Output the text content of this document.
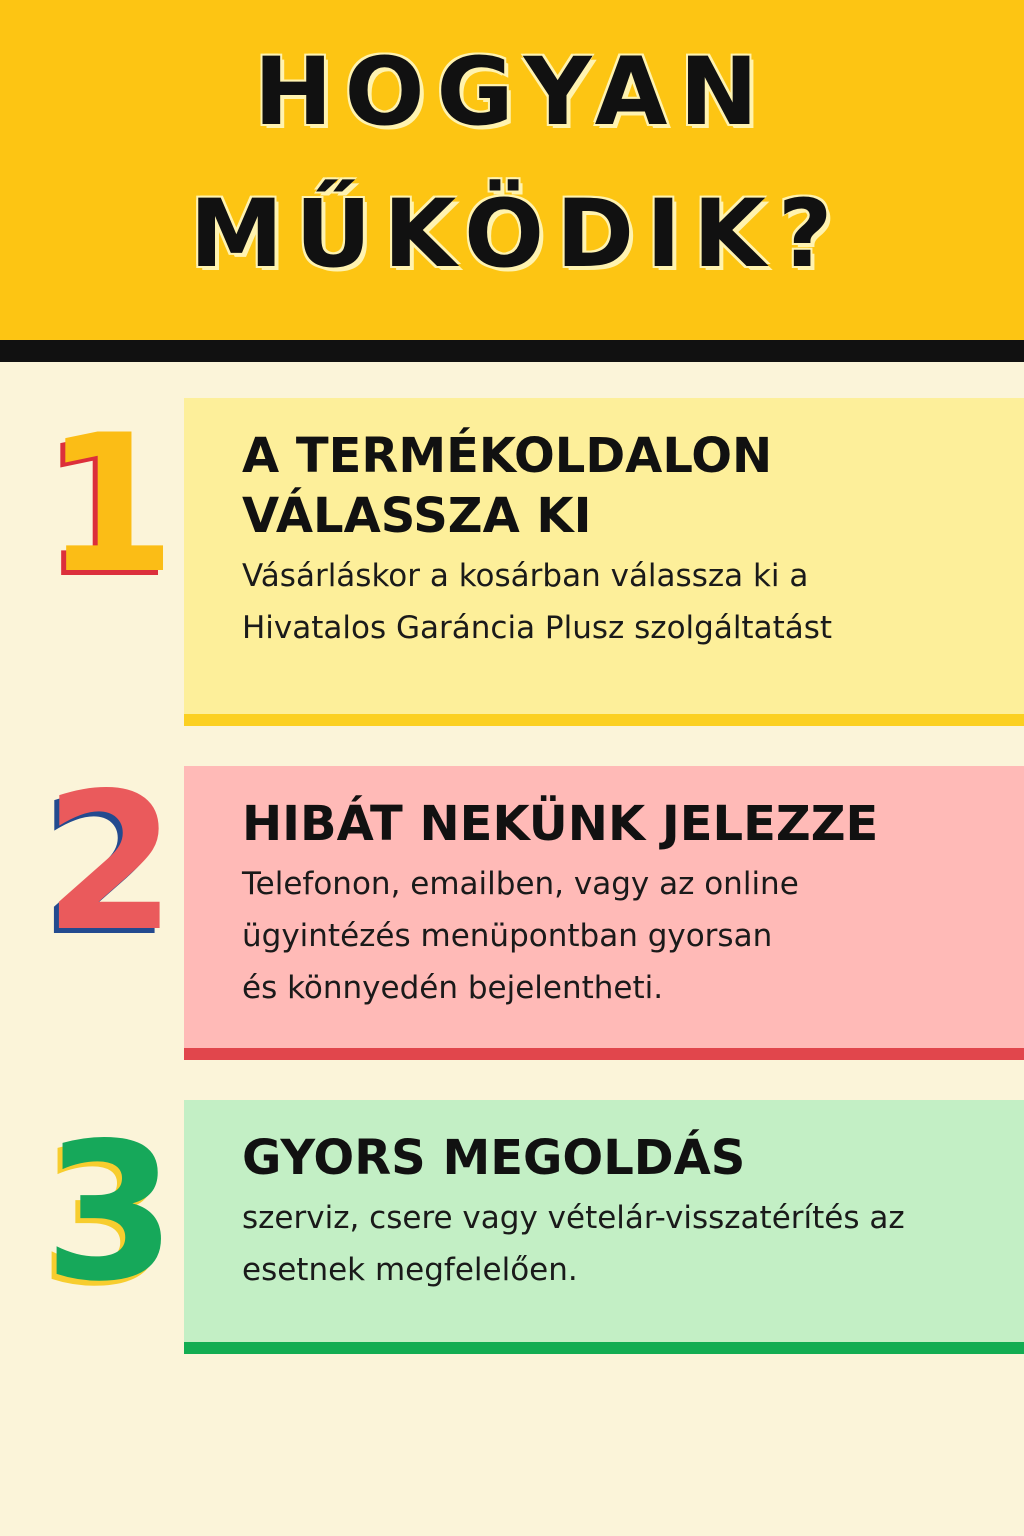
HOGYAN
MŰKÖDIK?
1 A TERMÉKOLDALON
VÁLASSZA KI
Vásárláskor a kosárban válassza ki a
Hivatalos Garáncia Plusz szolgáltatást
2 HIBÁT NEKÜNK JELEZZE
Telefonon, emailben, vagy az online
ügyintézés menüpontban gyorsan
és könnyedén bejelentheti.
3 GYORS MEGOLDÁS
szerviz, csere vagy vételár-visszatérítés az
esetnek megfelelően.
